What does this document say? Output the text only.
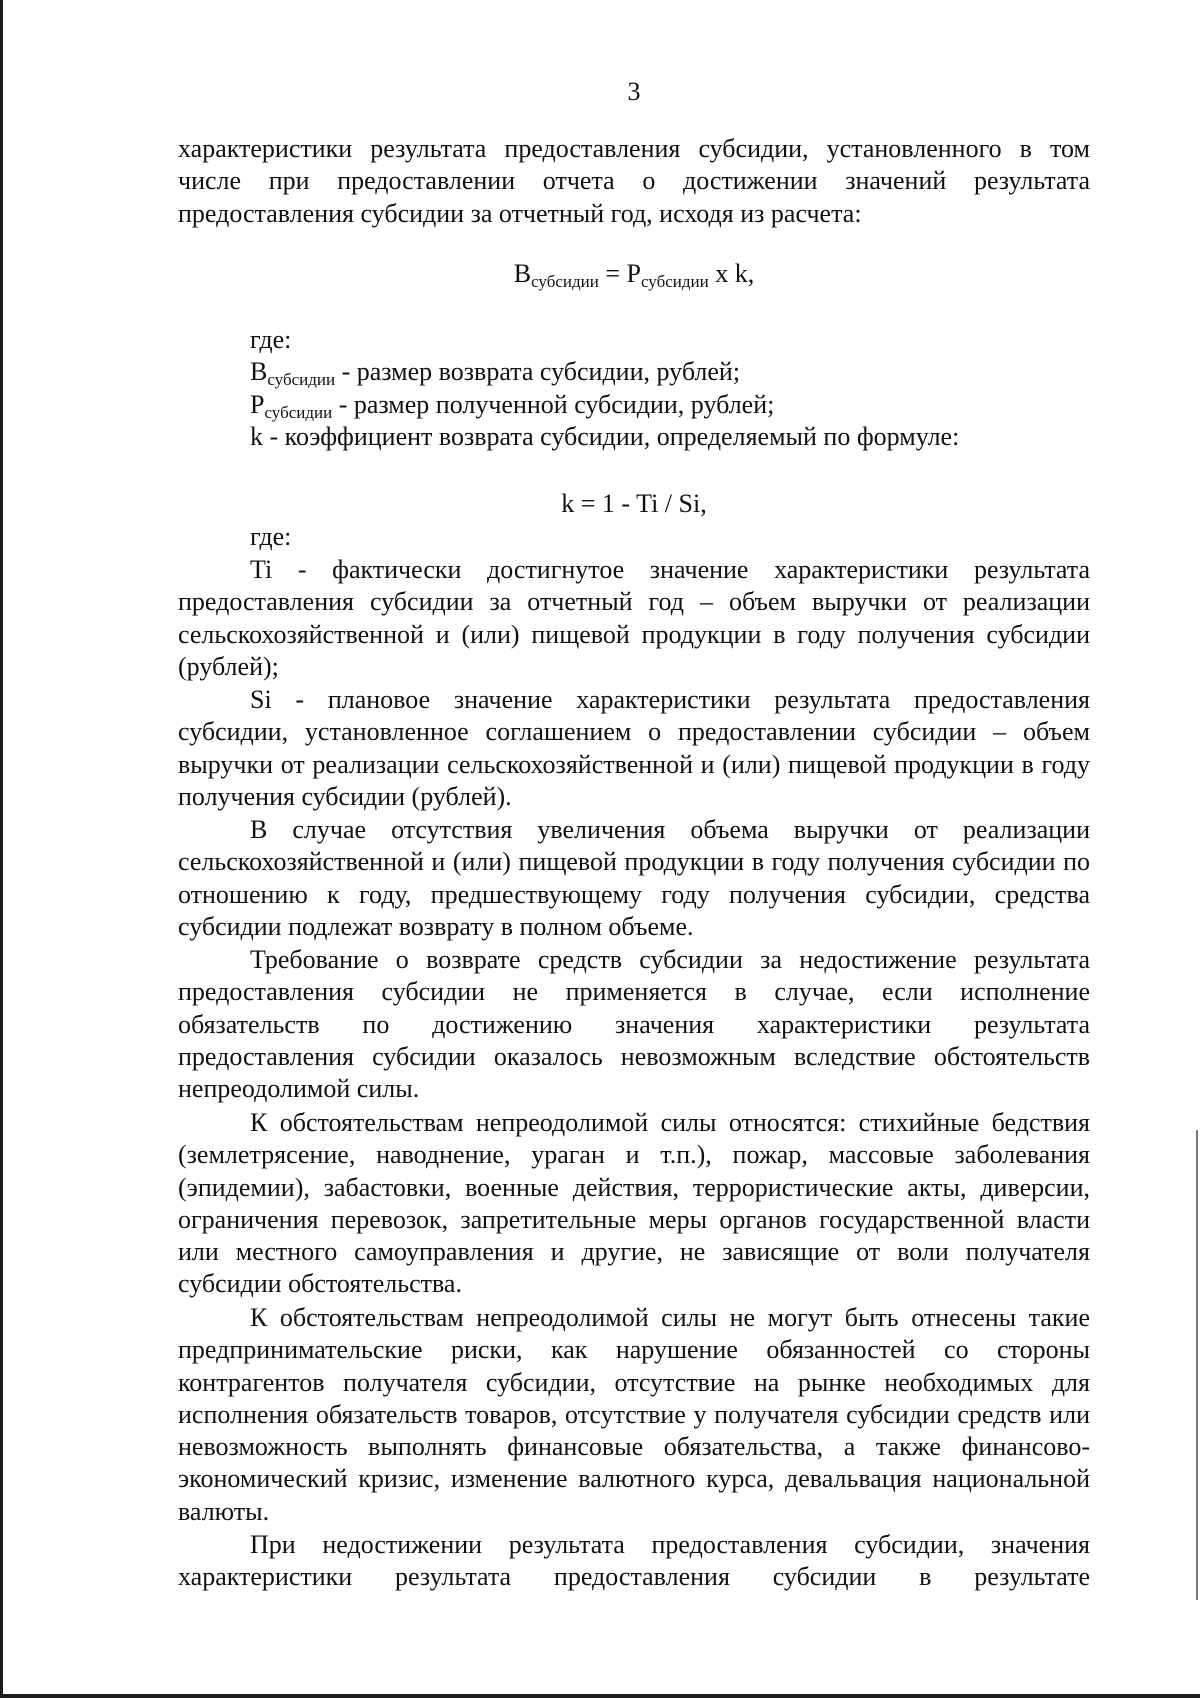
3
характеристики результата предоставления субсидии, установленного в том числе при предоставлении отчета о достижении значений результата предоставления субсидии за отчетный год, исходя из расчета:
Всубсидии = Рсубсидии x k,
где:
Всубсидии - размер возврата субсидии, рублей;
Рсубсидии - размер полученной субсидии, рублей;
k - коэффициент возврата субсидии, определяемый по формуле:
k = 1 - Ti / Si,
где:
Ti - фактически достигнутое значение характеристики результата предоставления субсидии за отчетный год – объем выручки от реализации сельскохозяйственной и (или) пищевой продукции в году получения субсидии (рублей);
Si - плановое значение характеристики результата предоставления субсидии, установленное соглашением о предоставлении субсидии – объем выручки от реализации сельскохозяйственной и (или) пищевой продукции в году получения субсидии (рублей).
В случае отсутствия увеличения объема выручки от реализации сельскохозяйственной и (или) пищевой продукции в году получения субсидии по отношению к году, предшествующему году получения субсидии, средства субсидии подлежат возврату в полном объеме.
Требование о возврате средств субсидии за недостижение результата предоставления субсидии не применяется в случае, если исполнение обязательств по достижению значения характеристики результата предоставления субсидии оказалось невозможным вследствие обстоятельств непреодолимой силы.
К обстоятельствам непреодолимой силы относятся: стихийные бедствия (землетрясение, наводнение, ураган и т.п.), пожар, массовые заболевания (эпидемии), забастовки, военные действия, террористические акты, диверсии, ограничения перевозок, запретительные меры органов государственной власти или местного самоуправления и другие, не зависящие от воли получателя субсидии обстоятельства.
К обстоятельствам непреодолимой силы не могут быть отнесены такие предпринимательские риски, как нарушение обязанностей со стороны контрагентов получателя субсидии, отсутствие на рынке необходимых для исполнения обязательств товаров, отсутствие у получателя субсидии средств или невозможность выполнять финансовые обязательства, а также финансово-экономический кризис, изменение валютного курса, девальвация национальной валюты.
При недостижении результата предоставления субсидии, значения характеристики результата предоставления субсидии в результате
